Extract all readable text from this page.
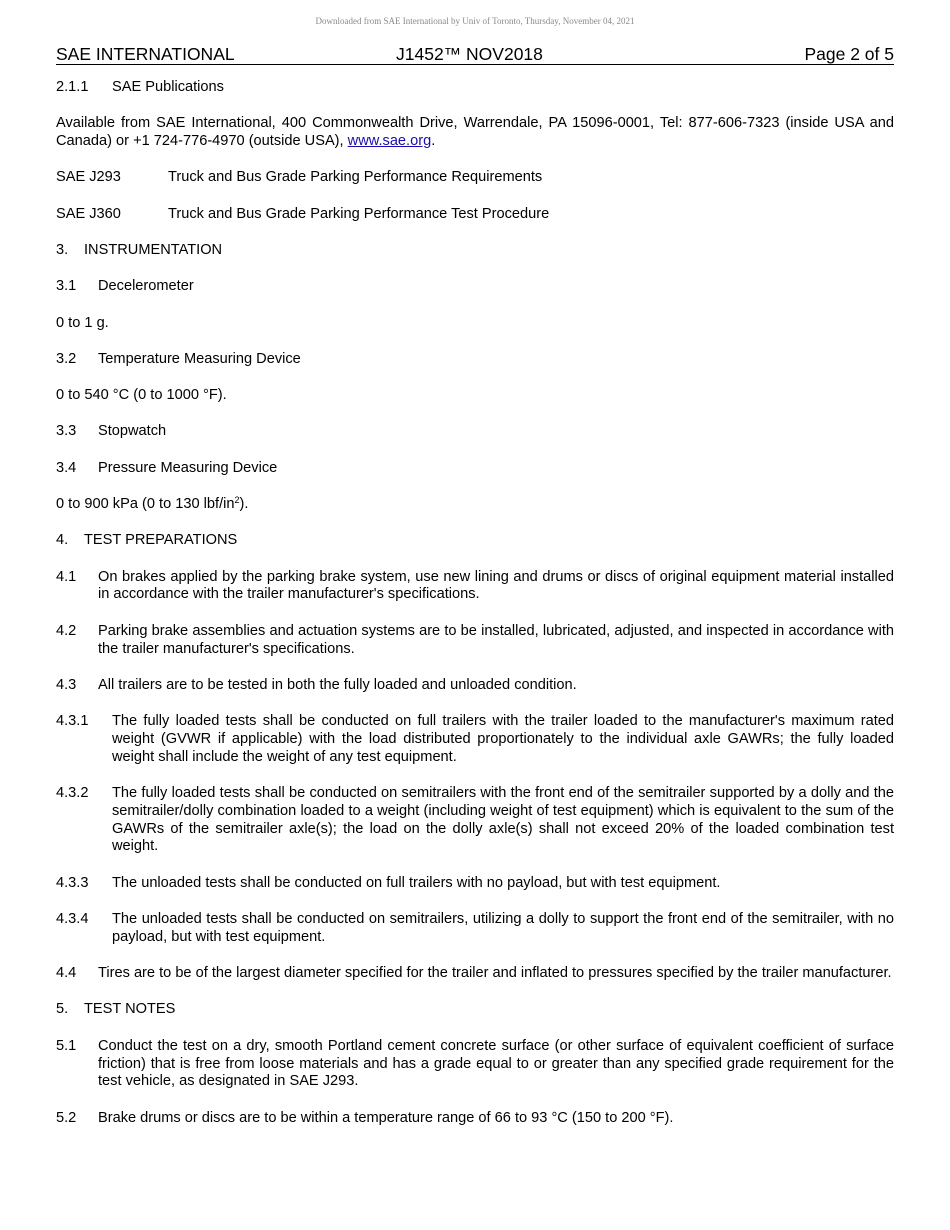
Downloaded from SAE International by Univ of Toronto, Thursday, November 04, 2021
SAE INTERNATIONAL	J1452™ NOV2018	Page 2 of 5

2.1.1 SAE Publications

Available from SAE International, 400 Commonwealth Drive, Warrendale, PA 15096-0001, Tel: 877-606-7323 (inside USA and Canada) or +1 724-776-4970 (outside USA), www.sae.org.

SAE J293	Truck and Bus Grade Parking Performance Requirements

SAE J360	Truck and Bus Grade Parking Performance Test Procedure

3. INSTRUMENTATION

3.1 Decelerometer

0 to 1 g.

3.2 Temperature Measuring Device

0 to 540 °C (0 to 1000 °F).

3.3 Stopwatch

3.4 Pressure Measuring Device

0 to 900 kPa (0 to 130 lbf/$in^2$).

4. TEST PREPARATIONS

4.1	On brakes applied by the parking brake system, use new lining and drums or discs of original equipment material installed in accordance with the trailer manufacturer's specifications.
4.2	Parking brake assemblies and actuation systems are to be installed, lubricated, adjusted, and inspected in accordance with the trailer manufacturer's specifications.
4.3	All trailers are to be tested in both the fully loaded and unloaded condition.
4.3.1	The fully loaded tests shall be conducted on full trailers with the trailer loaded to the manufacturer's maximum rated weight (GVWR if applicable) with the load distributed proportionately to the individual axle GAWRs; the fully loaded weight shall include the weight of any test equipment.
4.3.2	The fully loaded tests shall be conducted on semitrailers with the front end of the semitrailer supported by a dolly and the semitrailer/dolly combination loaded to a weight (including weight of test equipment) which is equivalent to the sum of the GAWRs of the semitrailer axle(s); the load on the dolly axle(s) shall not exceed 20% of the loaded combination test weight.
4.3.3	The unloaded tests shall be conducted on full trailers with no payload, but with test equipment.
4.3.4	The unloaded tests shall be conducted on semitrailers, utilizing a dolly to support the front end of the semitrailer, with no payload, but with test equipment.
4.4	Tires are to be of the largest diameter specified for the trailer and inflated to pressures specified by the trailer manufacturer.

5. TEST NOTES

5.1	Conduct the test on a dry, smooth Portland cement concrete surface (or other surface of equivalent coefficient of surface friction) that is free from loose materials and has a grade equal to or greater than any specified grade requirement for the test vehicle, as designated in SAE J293.
5.2	Brake drums or discs are to be within a temperature range of 66 to 93 °C (150 to 200 °F).
